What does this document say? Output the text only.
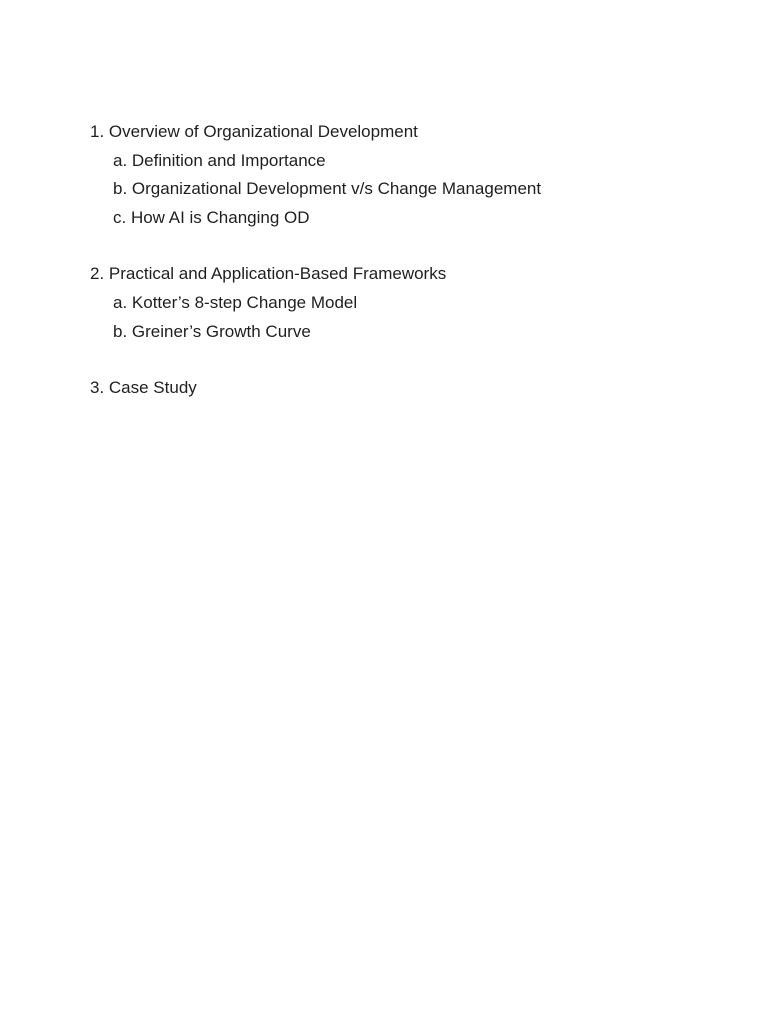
1. Overview of Organizational Development
a. Definition and Importance
b. Organizational Development v/s Change Management
c. How AI is Changing OD
2. Practical and Application-Based Frameworks
a. Kotter’s 8-step Change Model
b. Greiner’s Growth Curve
3. Case Study
